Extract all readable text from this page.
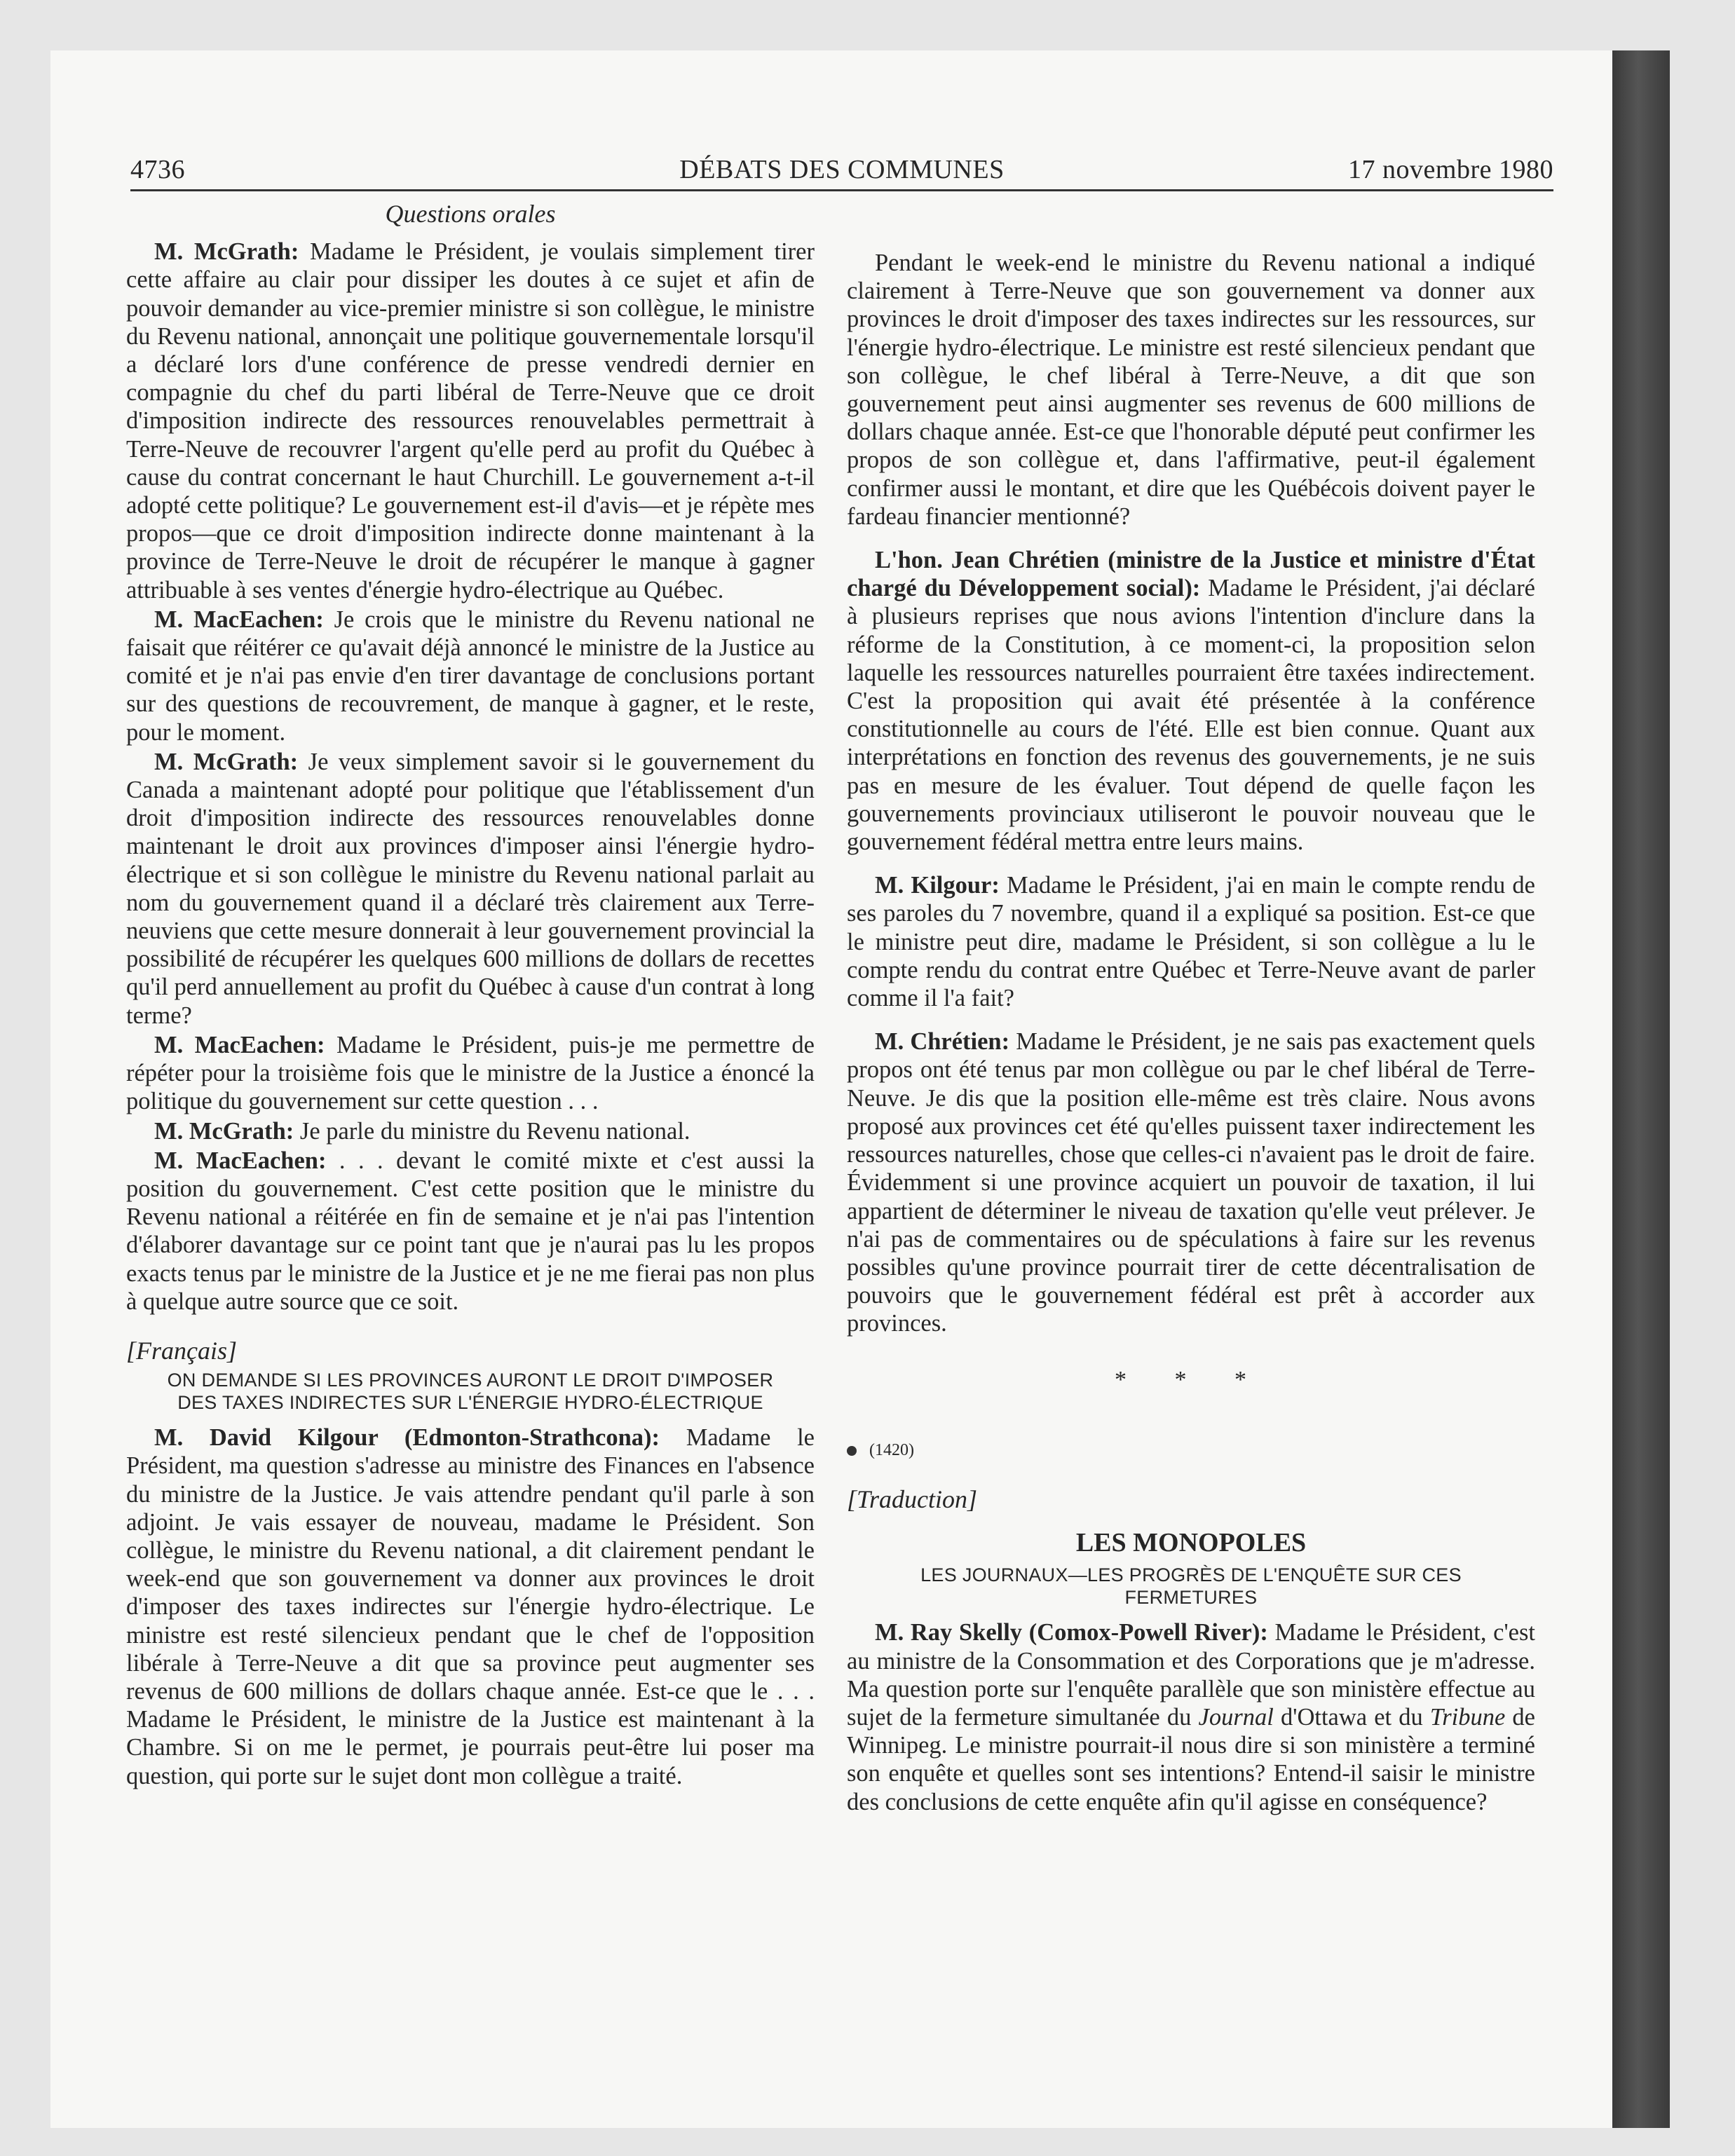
4736	DÉBATS DES COMMUNES	17 novembre 1980
Questions orales

M. McGrath: Madame le Président, je voulais simplement tirer cette affaire au clair pour dissiper les doutes à ce sujet et afin de pouvoir demander au vice-premier ministre si son collègue, le ministre du Revenu national, annonçait une politique gouvernementale lorsqu'il a déclaré lors d'une conférence de presse vendredi dernier en compagnie du chef du parti libéral de Terre-Neuve que ce droit d'imposition indirecte des ressources renouvelables permettrait à Terre-Neuve de recouvrer l'argent qu'elle perd au profit du Québec à cause du contrat concernant le haut Churchill. Le gouvernement a-t-il adopté cette politique? Le gouvernement est-il d'avis—et je répète mes propos—que ce droit d'imposition indirecte donne maintenant à la province de Terre-Neuve le droit de récupérer le manque à gagner attribuable à ses ventes d'énergie hydro-électrique au Québec.

M. MacEachen: Je crois que le ministre du Revenu national ne faisait que réitérer ce qu'avait déjà annoncé le ministre de la Justice au comité et je n'ai pas envie d'en tirer davantage de conclusions portant sur des questions de recouvrement, de manque à gagner, et le reste, pour le moment.

M. McGrath: Je veux simplement savoir si le gouvernement du Canada a maintenant adopté pour politique que l'établissement d'un droit d'imposition indirecte des ressources renouvelables donne maintenant le droit aux provinces d'imposer ainsi l'énergie hydro-électrique et si son collègue le ministre du Revenu national parlait au nom du gouvernement quand il a déclaré très clairement aux Terre-neuviens que cette mesure donnerait à leur gouvernement provincial la possibilité de récupérer les quelques 600 millions de dollars de recettes qu'il perd annuellement au profit du Québec à cause d'un contrat à long terme?

M. MacEachen: Madame le Président, puis-je me permettre de répéter pour la troisième fois que le ministre de la Justice a énoncé la politique du gouvernement sur cette question . . .

M. McGrath: Je parle du ministre du Revenu national.

M. MacEachen: . . . devant le comité mixte et c'est aussi la position du gouvernement. C'est cette position que le ministre du Revenu national a réitérée en fin de semaine et je n'ai pas l'intention d'élaborer davantage sur ce point tant que je n'aurai pas lu les propos exacts tenus par le ministre de la Justice et je ne me fierai pas non plus à quelque autre source que ce soit.

[Français]

ON DEMANDE SI LES PROVINCES AURONT LE DROIT D'IMPOSER DES TAXES INDIRECTES SUR L'ÉNERGIE HYDRO-ÉLECTRIQUE

M. David Kilgour (Edmonton-Strathcona): Madame le Président, ma question s'adresse au ministre des Finances en l'absence du ministre de la Justice. Je vais attendre pendant qu'il parle à son adjoint. Je vais essayer de nouveau, madame le Président. Son collègue, le ministre du Revenu national, a dit clairement pendant le week-end que son gouvernement va donner aux provinces le droit d'imposer des taxes indirectes sur l'énergie hydro-électrique. Le ministre est resté silencieux pendant que le chef de l'opposition libérale à Terre-Neuve a dit que sa province peut augmenter ses revenus de 600 millions de dollars chaque année. Est-ce que le . . . Madame le Président, le ministre de la Justice est maintenant à la Chambre. Si on me le permet, je pourrais peut-être lui poser ma question, qui porte sur le sujet dont mon collègue a traité.

Pendant le week-end le ministre du Revenu national a indiqué clairement à Terre-Neuve que son gouvernement va donner aux provinces le droit d'imposer des taxes indirectes sur les ressources, sur l'énergie hydro-électrique. Le ministre est resté silencieux pendant que son collègue, le chef libéral à Terre-Neuve, a dit que son gouvernement peut ainsi augmenter ses revenus de 600 millions de dollars chaque année. Est-ce que l'honorable député peut confirmer les propos de son collègue et, dans l'affirmative, peut-il également confirmer aussi le montant, et dire que les Québécois doivent payer le fardeau financier mentionné?

L'hon. Jean Chrétien (ministre de la Justice et ministre d'État chargé du Développement social): Madame le Président, j'ai déclaré à plusieurs reprises que nous avions l'intention d'inclure dans la réforme de la Constitution, à ce moment-ci, la proposition selon laquelle les ressources naturelles pourraient être taxées indirectement. C'est la proposition qui avait été présentée à la conférence constitutionnelle au cours de l'été. Elle est bien connue. Quant aux interprétations en fonction des revenus des gouvernements, je ne suis pas en mesure de les évaluer. Tout dépend de quelle façon les gouvernements provinciaux utiliseront le pouvoir nouveau que le gouvernement fédéral mettra entre leurs mains.

M. Kilgour: Madame le Président, j'ai en main le compte rendu de ses paroles du 7 novembre, quand il a expliqué sa position. Est-ce que le ministre peut dire, madame le Président, si son collègue a lu le compte rendu du contrat entre Québec et Terre-Neuve avant de parler comme il l'a fait?

M. Chrétien: Madame le Président, je ne sais pas exactement quels propos ont été tenus par mon collègue ou par le chef libéral de Terre-Neuve. Je dis que la position elle-même est très claire. Nous avons proposé aux provinces cet été qu'elles puissent taxer indirectement les ressources naturelles, chose que celles-ci n'avaient pas le droit de faire. Évidemment si une province acquiert un pouvoir de taxation, il lui appartient de déterminer le niveau de taxation qu'elle veut prélever. Je n'ai pas de commentaires ou de spéculations à faire sur les revenus possibles qu'une province pourrait tirer de cette décentralisation de pouvoirs que le gouvernement fédéral est prêt à accorder aux provinces.

* * *

(1420)

[Traduction]

LES MONOPOLES

LES JOURNAUX—LES PROGRÈS DE L'ENQUÊTE SUR CES FERMETURES

M. Ray Skelly (Comox-Powell River): Madame le Président, c'est au ministre de la Consommation et des Corporations que je m'adresse. Ma question porte sur l'enquête parallèle que son ministère effectue au sujet de la fermeture simultanée du Journal d'Ottawa et du Tribune de Winnipeg. Le ministre pourrait-il nous dire si son ministère a terminé son enquête et quelles sont ses intentions? Entend-il saisir le ministre des conclusions de cette enquête afin qu'il agisse en conséquence?
